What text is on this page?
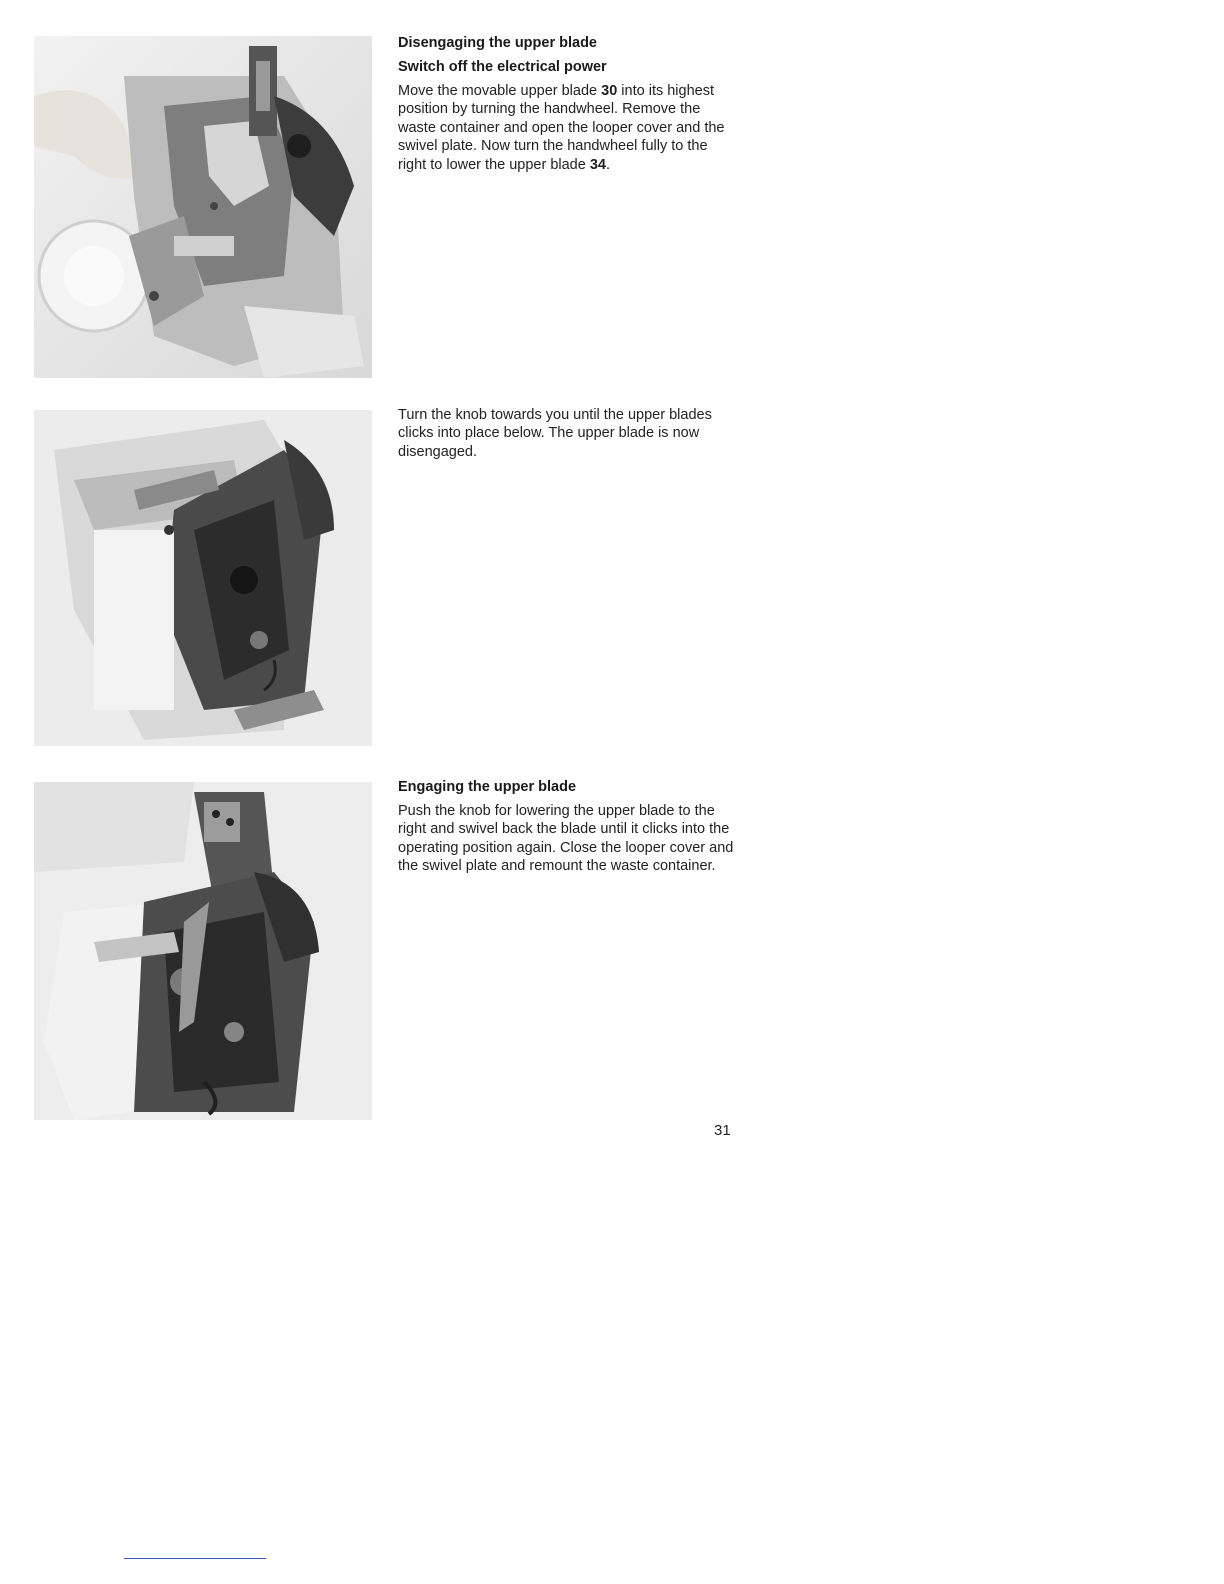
Disengaging the upper blade

Switch off the electrical power

Move the movable upper blade 30 into its highest position by turning the handwheel. Remove the waste container and open the looper cover and the swivel plate. Now turn the handwheel fully to the right to lower the upper blade 34.

Turn the knob towards you until the upper blades clicks into place below. The upper blade is now disengaged.

Engaging the upper blade

Push the knob for lowering the upper blade to the right and swivel back the blade until it clicks into the operating position again. Close the looper cover and the swivel plate and remount the waste container.

31
